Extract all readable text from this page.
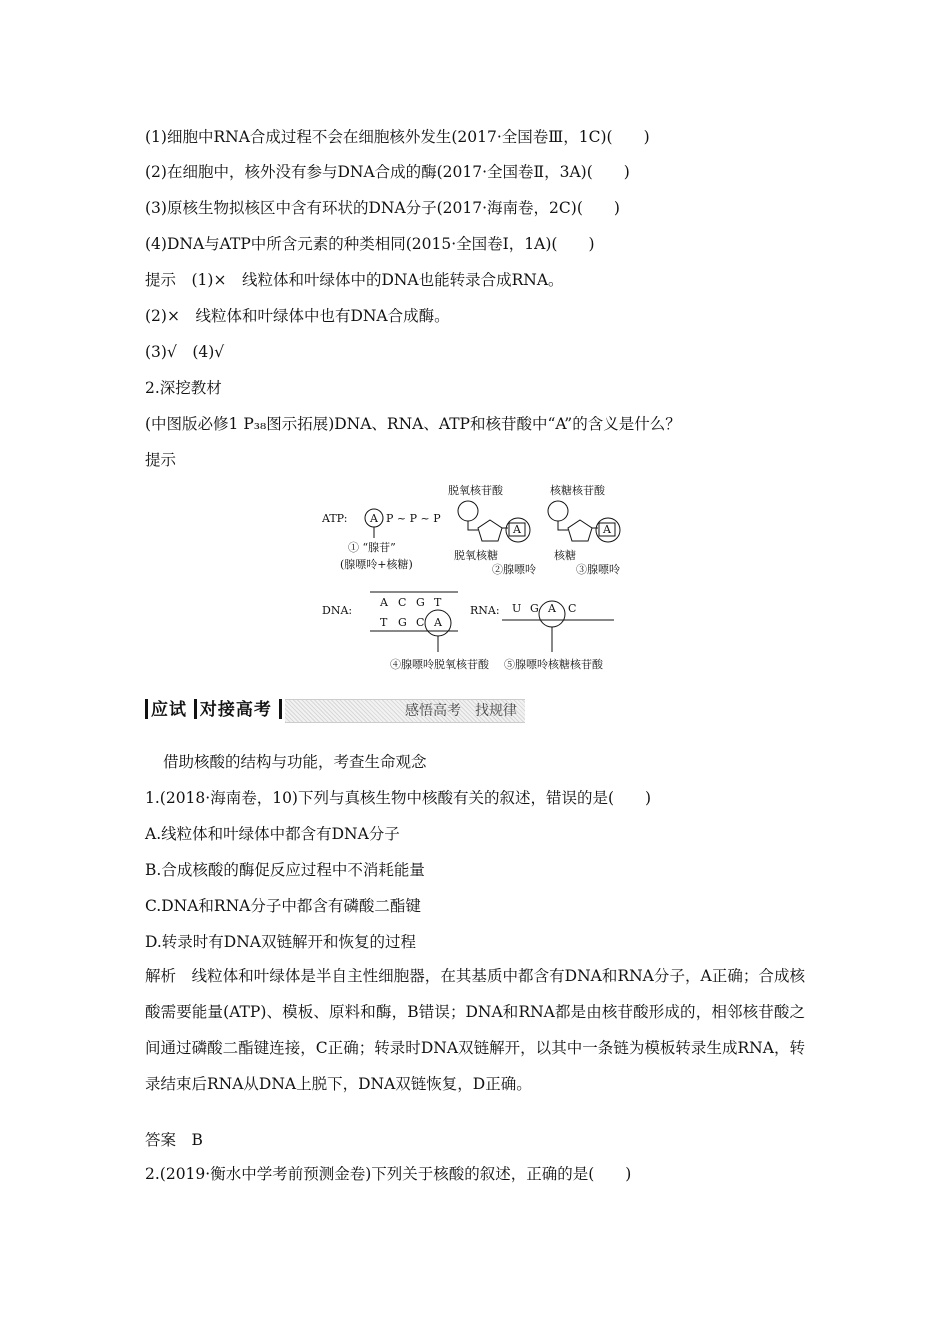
(1)细胞中RNA合成过程不会在细胞核外发生(2017·全国卷Ⅲ，1C)(　　)
(2)在细胞中，核外没有参与DNA合成的酶(2017·全国卷Ⅱ，3A)(　　)
(3)原核生物拟核区中含有环状的DNA分子(2017·海南卷，2C)(　　)
(4)DNA与ATP中所含元素的种类相同(2015·全国卷Ⅰ，1A)(　　)
提示　(1)×　线粒体和叶绿体中的DNA也能转录合成RNA。
(2)×　线粒体和叶绿体中也有DNA合成酶。
(3)√　(4)√
2.深挖教材
(中图版必修1 P₃₈图示拓展)DNA、RNA、ATP和核苷酸中“A”的含义是什么？
提示
ATP: A P ~ P ~ P
① “腺苷”
(腺嘌呤+核糖)
脱氧核苷酸
A
脱氧核糖
②腺嘌呤
核糖核苷酸
A
核糖
③腺嘌呤
DNA:
A C G T
T G C A
④腺嘌呤脱氧核苷酸
RNA: U G A C
⑤腺嘌呤核糖核苷酸
应试 对接高考	感悟高考　找规律
借助核酸的结构与功能，考查生命观念
1.(2018·海南卷，10)下列与真核生物中核酸有关的叙述，错误的是(　　)
A.线粒体和叶绿体中都含有DNA分子
B.合成核酸的酶促反应过程中不消耗能量
C.DNA和RNA分子中都含有磷酸二酯键
D.转录时有DNA双链解开和恢复的过程
解析　线粒体和叶绿体是半自主性细胞器，在其基质中都含有DNA和RNA分子，A正确；合成核酸需要能量(ATP)、模板、原料和酶，B错误；DNA和RNA都是由核苷酸形成的，相邻核苷酸之间通过磷酸二酯键连接，C正确；转录时DNA双链解开，以其中一条链为模板转录生成RNA，转录结束后RNA从DNA上脱下，DNA双链恢复，D正确。
答案　B
2.(2019·衡水中学考前预测金卷)下列关于核酸的叙述，正确的是(　　)
